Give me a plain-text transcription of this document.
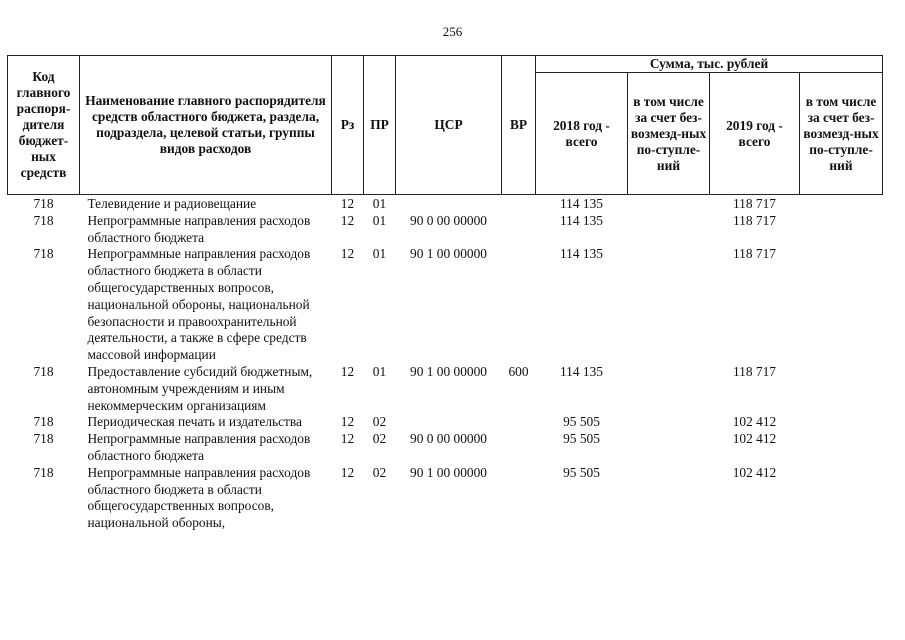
256
Код главного распоря-дителя бюджет-ных средств	Наименование главного распорядителя средств областного бюджета, раздела, подраздела, целевой статьи, группы видов расходов	Рз	ПР	ЦСР	ВР	Сумма, тыс. рублей			
						2018 год - всего	в том числе за счет без-возмезд-ных по-ступле-ний	2019 год - всего	в том числе за счет без-возмезд-ных по-ступле-ний
718	Телевидение и радиовещание	12	01			114 135		118 717	
718	Непрограммные направления расходов областного бюджета	12	01	90 0 00 00000		114 135		118 717	
718	Непрограммные направления расходов областного бюджета в области общегосударственных вопросов, национальной обороны, национальной безопасности и правоохранительной деятельности, а также в сфере средств массовой информации	12	01	90 1 00 00000		114 135		118 717	
718	Предоставление субсидий бюджетным, автономным учреждениям и иным некоммерческим организациям	12	01	90 1 00 00000	600	114 135		118 717	
718	Периодическая печать и издательства	12	02			95 505		102 412	
718	Непрограммные направления расходов областного бюджета	12	02	90 0 00 00000		95 505		102 412	
718	Непрограммные направления расходов областного бюджета в области общегосударственных вопросов, национальной обороны,	12	02	90 1 00 00000		95 505		102 412	
